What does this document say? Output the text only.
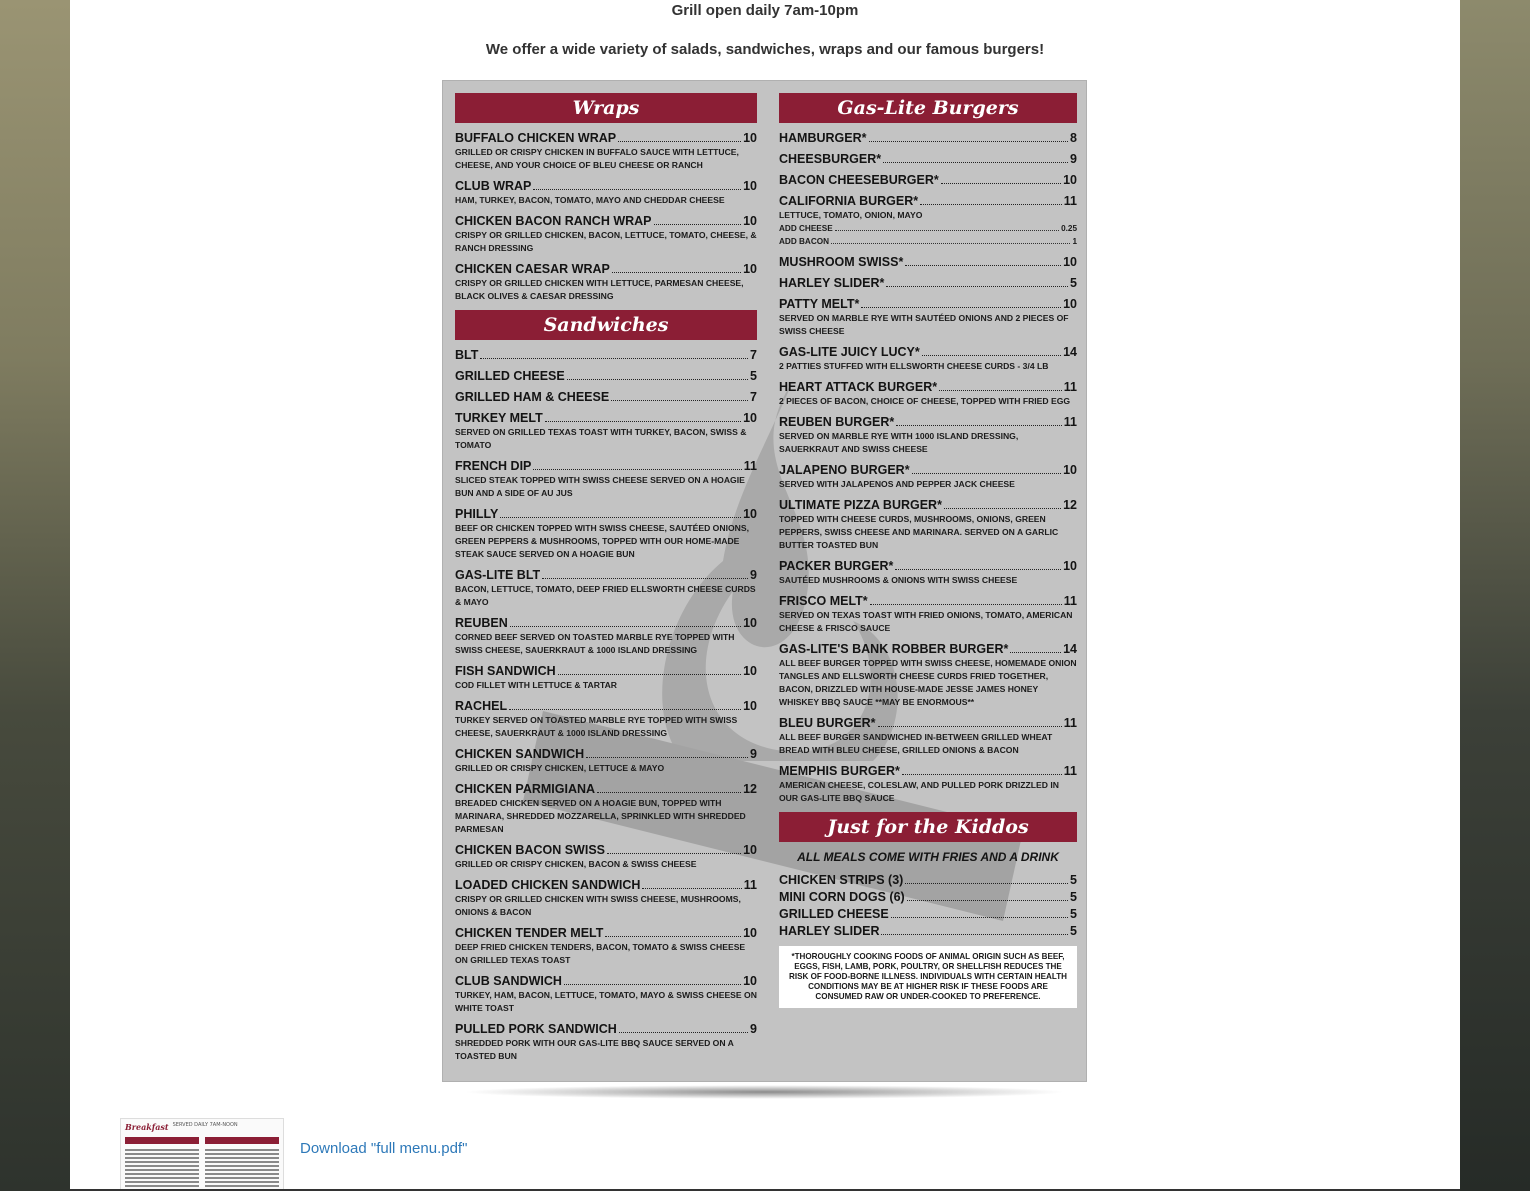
Grill open daily 7am-10pm
We offer a wide variety of salads, sandwiches, wraps and our famous burgers!
Wraps
BUFFALO CHICKEN WRAP	10
GRILLED OR CRISPY CHICKEN IN BUFFALO SAUCE WITH LETTUCE, CHEESE, AND YOUR CHOICE OF BLEU CHEESE OR RANCH
CLUB WRAP	10
HAM, TURKEY, BACON, TOMATO, MAYO AND CHEDDAR CHEESE
CHICKEN BACON RANCH WRAP	10
CRISPY OR GRILLED CHICKEN, BACON, LETTUCE, TOMATO, CHEESE, & RANCH DRESSING
CHICKEN CAESAR WRAP	10
CRISPY OR GRILLED CHICKEN WITH LETTUCE, PARMESAN CHEESE, BLACK OLIVES & CAESAR DRESSING
Sandwiches
BLT	7
GRILLED CHEESE	5
GRILLED HAM & CHEESE	7
TURKEY MELT	10
SERVED ON GRILLED TEXAS TOAST WITH TURKEY, BACON, SWISS & TOMATO
FRENCH DIP	11
SLICED STEAK TOPPED WITH SWISS CHEESE SERVED ON A HOAGIE BUN AND A SIDE OF AU JUS
PHILLY	10
BEEF OR CHICKEN TOPPED WITH SWISS CHEESE, SAUTÉED ONIONS, GREEN PEPPERS & MUSHROOMS, TOPPED WITH OUR HOME-MADE STEAK SAUCE SERVED ON A HOAGIE BUN
GAS-LITE BLT	9
BACON, LETTUCE, TOMATO, DEEP FRIED ELLSWORTH CHEESE CURDS & MAYO
REUBEN	10
CORNED BEEF SERVED ON TOASTED MARBLE RYE TOPPED WITH SWISS CHEESE, SAUERKRAUT & 1000 ISLAND DRESSING
FISH SANDWICH	10
COD FILLET WITH LETTUCE & TARTAR
RACHEL	10
TURKEY SERVED ON TOASTED MARBLE RYE TOPPED WITH SWISS CHEESE, SAUERKRAUT & 1000 ISLAND DRESSING
CHICKEN SANDWICH	9
GRILLED OR CRISPY CHICKEN, LETTUCE & MAYO
CHICKEN PARMIGIANA	12
BREADED CHICKEN SERVED ON A HOAGIE BUN, TOPPED WITH MARINARA, SHREDDED MOZZARELLA, SPRINKLED WITH SHREDDED PARMESAN
CHICKEN BACON SWISS	10
GRILLED OR CRISPY CHICKEN, BACON & SWISS CHEESE
LOADED CHICKEN SANDWICH	11
CRISPY OR GRILLED CHICKEN WITH SWISS CHEESE, MUSHROOMS, ONIONS & BACON
CHICKEN TENDER MELT	10
DEEP FRIED CHICKEN TENDERS, BACON, TOMATO & SWISS CHEESE ON GRILLED TEXAS TOAST
CLUB SANDWICH	10
TURKEY, HAM, BACON, LETTUCE, TOMATO, MAYO & SWISS CHEESE ON WHITE TOAST
PULLED PORK SANDWICH	9
SHREDDED PORK WITH OUR GAS-LITE BBQ SAUCE SERVED ON A TOASTED BUN
Gas-Lite Burgers
HAMBURGER*	8
CHEESBURGER*	9
BACON CHEESEBURGER*	10
CALIFORNIA BURGER*	11
LETTUCE, TOMATO, ONION, MAYO
ADD CHEESE	0.25
ADD BACON	1
MUSHROOM SWISS*	10
HARLEY SLIDER*	5
PATTY MELT*	10
SERVED ON MARBLE RYE WITH SAUTÉED ONIONS AND 2 PIECES OF SWISS CHEESE
GAS-LITE JUICY LUCY*	14
2 PATTIES STUFFED WITH ELLSWORTH CHEESE CURDS - 3/4 LB
HEART ATTACK BURGER*	11
2 PIECES OF BACON, CHOICE OF CHEESE, TOPPED WITH FRIED EGG
REUBEN BURGER*	11
SERVED ON MARBLE RYE WITH 1000 ISLAND DRESSING, SAUERKRAUT AND SWISS CHEESE
JALAPENO BURGER*	10
SERVED WITH JALAPENOS AND PEPPER JACK CHEESE
ULTIMATE PIZZA BURGER*	12
TOPPED WITH CHEESE CURDS, MUSHROOMS, ONIONS, GREEN PEPPERS, SWISS CHEESE AND MARINARA. SERVED ON A GARLIC BUTTER TOASTED BUN
PACKER BURGER*	10
SAUTÉED MUSHROOMS & ONIONS WITH SWISS CHEESE
FRISCO MELT*	11
SERVED ON TEXAS TOAST WITH FRIED ONIONS, TOMATO, AMERICAN CHEESE & FRISCO SAUCE
GAS-LITE'S BANK ROBBER BURGER*	14
ALL BEEF BURGER TOPPED WITH SWISS CHEESE, HOMEMADE ONION TANGLES AND ELLSWORTH CHEESE CURDS FRIED TOGETHER, BACON, DRIZZLED WITH HOUSE-MADE JESSE JAMES HONEY WHISKEY BBQ SAUCE **MAY BE ENORMOUS**
BLEU BURGER*	11
ALL BEEF BURGER SANDWICHED IN-BETWEEN GRILLED WHEAT BREAD WITH BLEU CHEESE, GRILLED ONIONS & BACON
MEMPHIS BURGER*	11
AMERICAN CHEESE, COLESLAW, AND PULLED PORK DRIZZLED IN OUR GAS-LITE BBQ SAUCE
Just for the Kiddos
ALL MEALS COME WITH FRIES AND A DRINK
CHICKEN STRIPS (3)	5
MINI CORN DOGS (6)	5
GRILLED CHEESE	5
HARLEY SLIDER	5
*THOROUGHLY COOKING FOODS OF ANIMAL ORIGIN SUCH AS BEEF, EGGS, FISH, LAMB, PORK, POULTRY, OR SHELLFISH REDUCES THE RISK OF FOOD-BORNE ILLNESS. INDIVIDUALS WITH CERTAIN HEALTH CONDITIONS MAY BE AT HIGHER RISK IF THESE FOODS ARE CONSUMED RAW OR UNDER-COOKED TO PREFERENCE.
Breakfast SERVED DAILY 7AM-NOON
Download "full menu.pdf"
